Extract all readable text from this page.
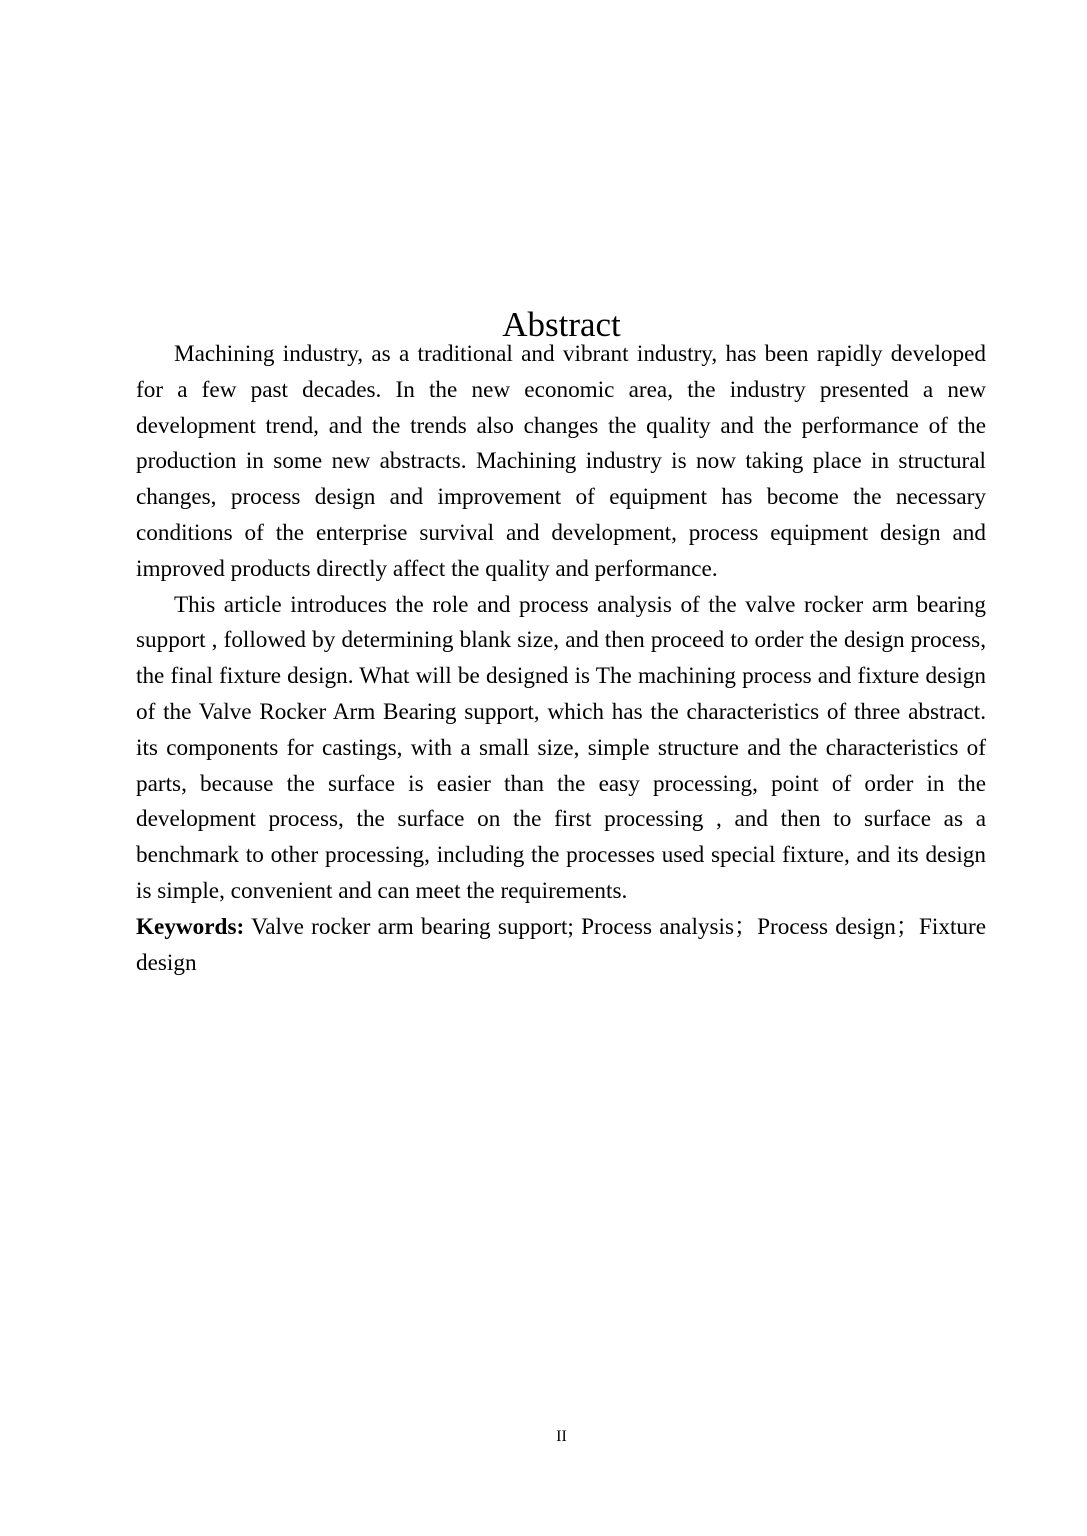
Abstract

Machining industry, as a traditional and vibrant industry, has been rapidly developed for a few past decades. In the new economic area, the industry presented a new development trend, and the trends also changes the quality and the performance of the production in some new abstracts. Machining industry is now taking place in structural changes, process design and improvement of equipment has become the necessary conditions of the enterprise survival and development, process equipment design and improved products directly affect the quality and performance.

This article introduces the role and process analysis of the valve rocker arm bearing support , followed by determining blank size, and then proceed to order the design process, the final fixture design. What will be designed is The machining process and fixture design of the Valve Rocker Arm Bearing support, which has the characteristics of three abstract. its components for castings, with a small size, simple structure and the characteristics of parts, because the surface is easier than the easy processing, point of order in the development process, the surface on the first processing , and then to surface as a benchmark to other processing, including the processes used special fixture, and its design is simple, convenient and can meet the requirements.

Keywords: Valve rocker arm bearing support; Process analysis；Process design；Fixture design

II
